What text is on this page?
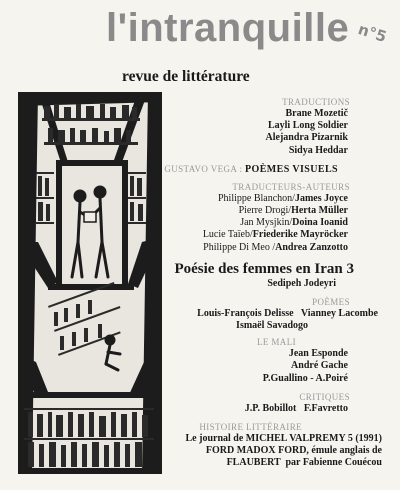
l'intranquille n°5
revue de littérature
TRADUCTIONS
Brane Mozetič
Layli Long Soldier
Alejandra Pizarnik
Sidya Heddar
GUSTAVO VEGA : POÈMES VISUELS
TRADUCTEURS-AUTEURS
Philippe Blanchon/James Joyce
Pierre Drogi/Herta Müller
Jan Mysjkin/Doina Ioanid
Lucie Taïeb/Friederike Mayröcker
Philippe Di Meo /Andrea Zanzotto
Poésie des femmes en Iran 3
Sedipeh Jodeyri
POÈMES
Louis-François Delisse   Vianney Lacombe
Ismaël Savadogo
LE MALI
Jean Esponde
André Gache
P.Guallino - A.Poiré
CRITIQUES
J.P. Bobillot   F.Favretto
HISTOIRE LITTÉRAIRE
Le journal de MICHEL VALPREMY 5 (1991)
FORD MADOX FORD, émule anglais de
FLAUBERT  par Fabienne Couécou
